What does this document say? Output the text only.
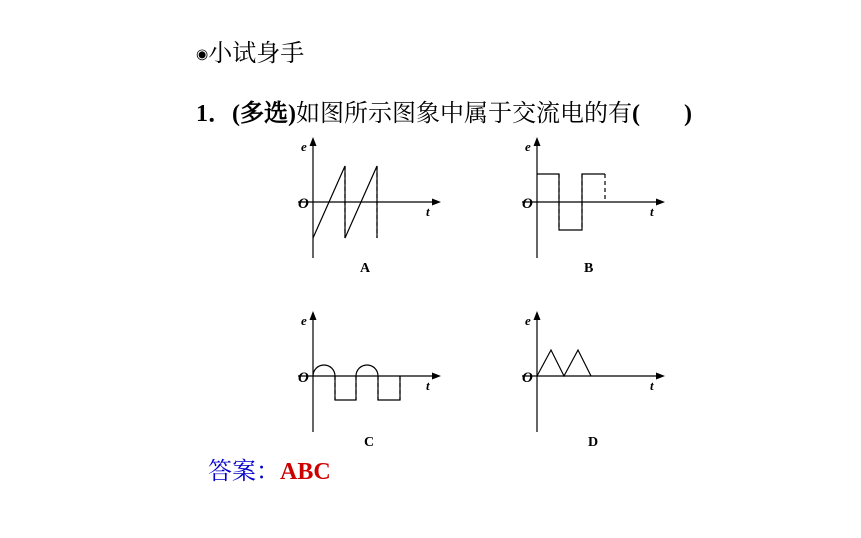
◉小试身手
1．(多选)如图所示图象中属于交流电的有( )
e
t
O
A
e
t
O
B
e
t
O
C
e
t
O
D
答案：ABC
